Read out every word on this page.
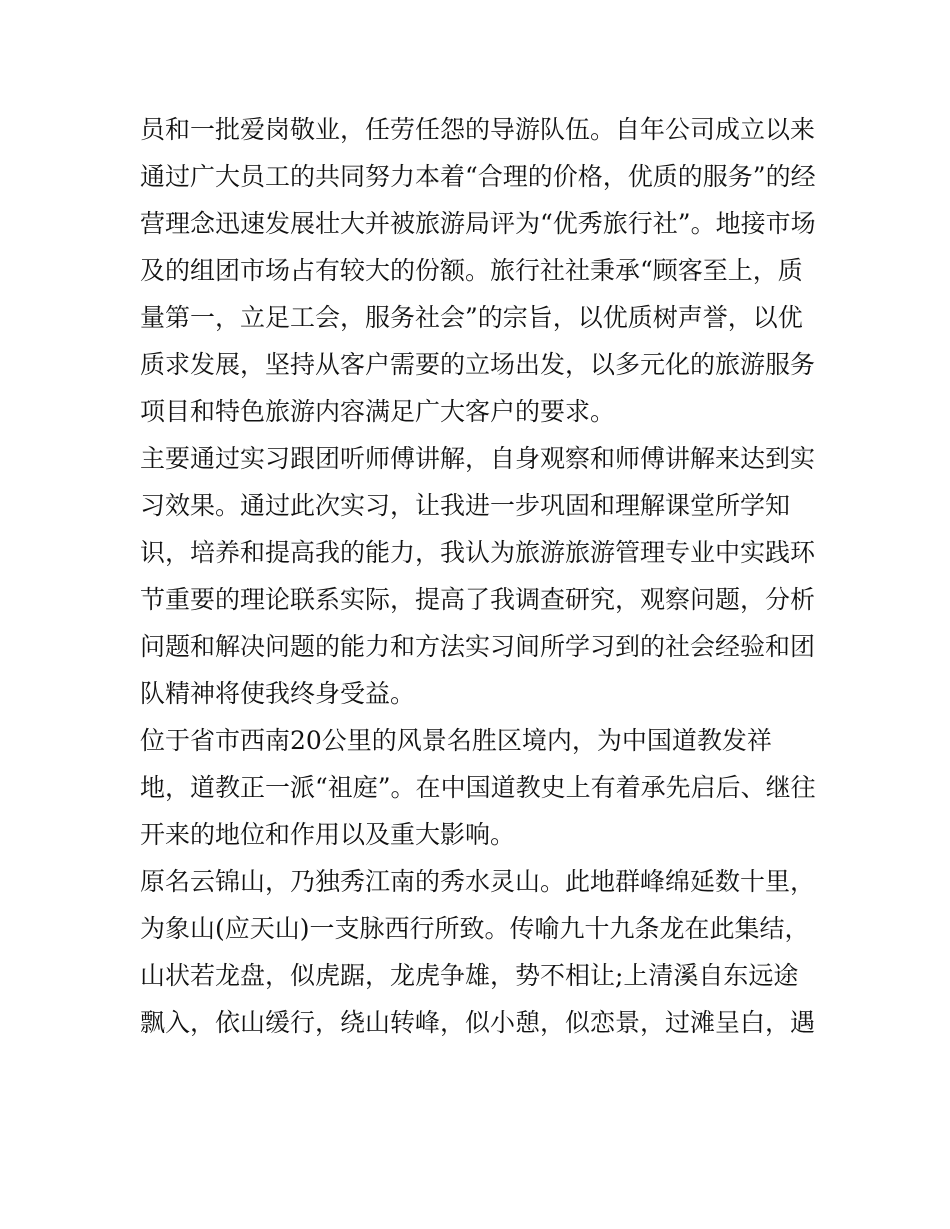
员和一批爱岗敬业，任劳任怨的导游队伍。自年公司成立以来
通过广大员工的共同努力本着“合理的价格，优质的服务”的经
营理念迅速发展壮大并被旅游局评为“优秀旅行社”。地接市场
及的组团市场占有较大的份额。旅行社社秉承“顾客至上，质
量第一，立足工会，服务社会”的宗旨，以优质树声誉，以优
质求发展，坚持从客户需要的立场出发，以多元化的旅游服务
项目和特色旅游内容满足广大客户的要求。
主要通过实习跟团听师傅讲解，自身观察和师傅讲解来达到实
习效果。通过此次实习，让我进一步巩固和理解课堂所学知
识，培养和提高我的能力，我认为旅游旅游管理专业中实践环
节重要的理论联系实际，提高了我调查研究，观察问题，分析
问题和解决问题的能力和方法实习间所学习到的社会经验和团
队精神将使我终身受益。
位于省市西南20公里的风景名胜区境内，为中国道教发祥
地，道教正一派“祖庭”。在中国道教史上有着承先启后、继往
开来的地位和作用以及重大影响。
原名云锦山，乃独秀江南的秀水灵山。此地群峰绵延数十里，
为象山(应天山)一支脉西行所致。传喻九十九条龙在此集结，
山状若龙盘，似虎踞，龙虎争雄，势不相让;上清溪自东远途
飘入，依山缓行，绕山转峰，似小憩，似恋景，过滩呈白，遇
